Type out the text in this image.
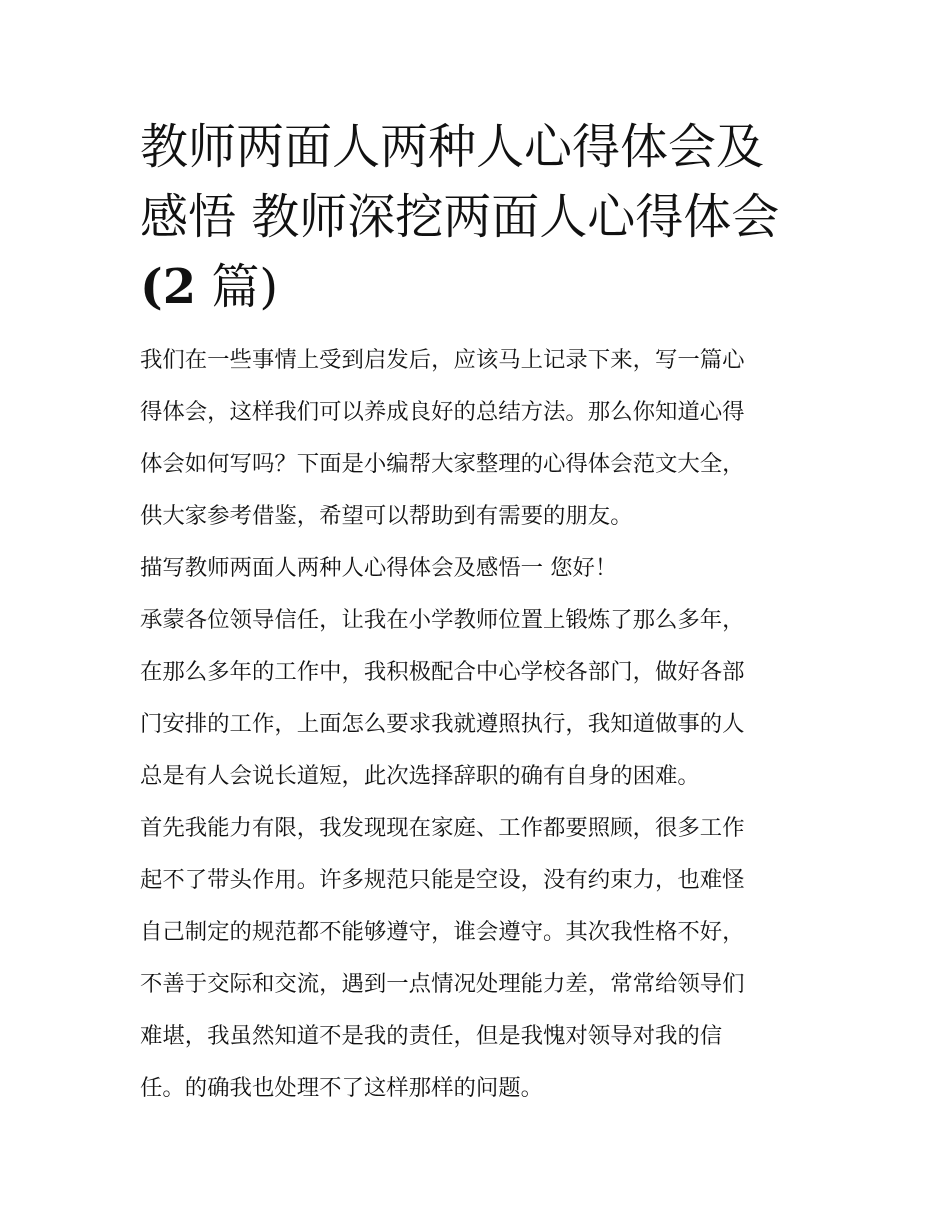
教师两面人两种人心得体会及
感悟 教师深挖两面人心得体会
(2 篇)

我们在一些事情上受到启发后，应该马上记录下来，写一篇心
得体会，这样我们可以养成良好的总结方法。那么你知道心得
体会如何写吗？下面是小编帮大家整理的心得体会范文大全，
供大家参考借鉴，希望可以帮助到有需要的朋友。

描写教师两面人两种人心得体会及感悟一 您好！

承蒙各位领导信任，让我在小学教师位置上锻炼了那么多年，
在那么多年的工作中，我积极配合中心学校各部门，做好各部
门安排的工作，上面怎么要求我就遵照执行，我知道做事的人
总是有人会说长道短，此次选择辞职的确有自身的困难。

首先我能力有限，我发现现在家庭、工作都要照顾，很多工作
起不了带头作用。许多规范只能是空设，没有约束力，也难怪
自己制定的规范都不能够遵守，谁会遵守。其次我性格不好，
不善于交际和交流，遇到一点情况处理能力差，常常给领导们
难堪，我虽然知道不是我的责任，但是我愧对领导对我的信
任。的确我也处理不了这样那样的问题。
